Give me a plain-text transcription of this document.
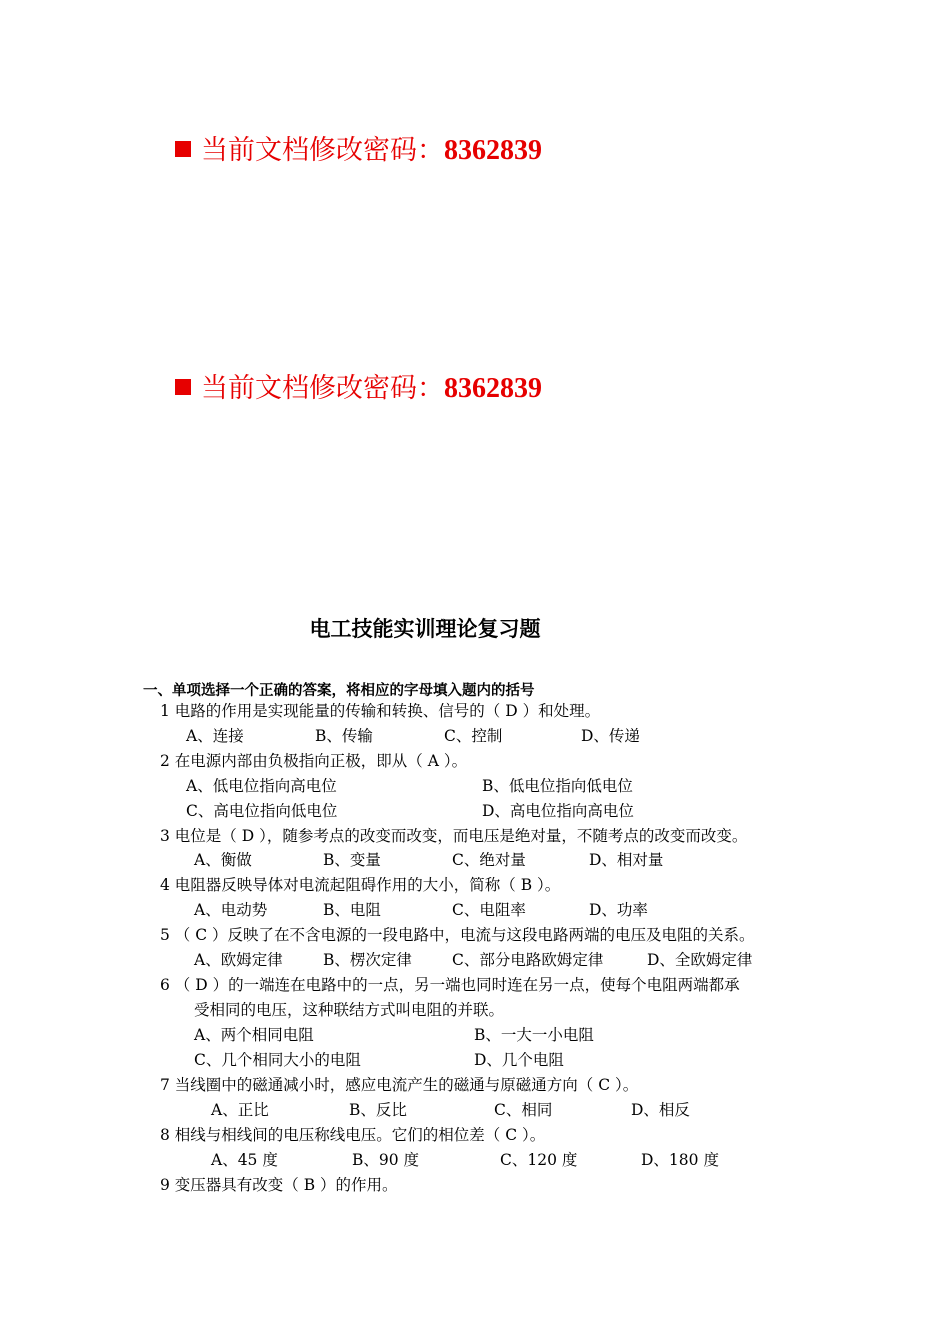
当前文档修改密码：8362839
当前文档修改密码：8362839
电工技能实训理论复习题
一、单项选择一个正确的答案，将相应的字母填入题内的括号
1 电路的作用是实现能量的传输和转换、信号的（ D ）和处理。
A、连接	B、传输	C、控制	D、传递
2 在电源内部由负极指向正极，即从（ A ）。
A、低电位指向高电位	B、低电位指向低电位
C、高电位指向低电位	D、高电位指向高电位
3 电位是（ D ），随参考点的改变而改变，而电压是绝对量，不随考点的改变而改变。
A、衡做	B、变量	C、绝对量	D、相对量
4 电阻器反映导体对电流起阻碍作用的大小，简称（ B ）。
A、电动势	B、电阻	C、电阻率	D、功率
5 （ C ）反映了在不含电源的一段电路中，电流与这段电路两端的电压及电阻的关系。
A、欧姆定律	B、楞次定律	C、部分电路欧姆定律	D、全欧姆定律
6 （ D ）的一端连在电路中的一点，另一端也同时连在另一点，使每个电阻两端都承
受相同的电压，这种联结方式叫电阻的并联。
A、两个相同电阻	B、一大一小电阻
C、几个相同大小的电阻	D、几个电阻
7 当线圈中的磁通减小时，感应电流产生的磁通与原磁通方向（ C ）。
A、正比	B、反比	C、相同	D、相反
8 相线与相线间的电压称线电压。它们的相位差（ C ）。
A、45 度	B、90 度	C、120 度	D、180 度
9 变压器具有改变（ B ）的作用。
